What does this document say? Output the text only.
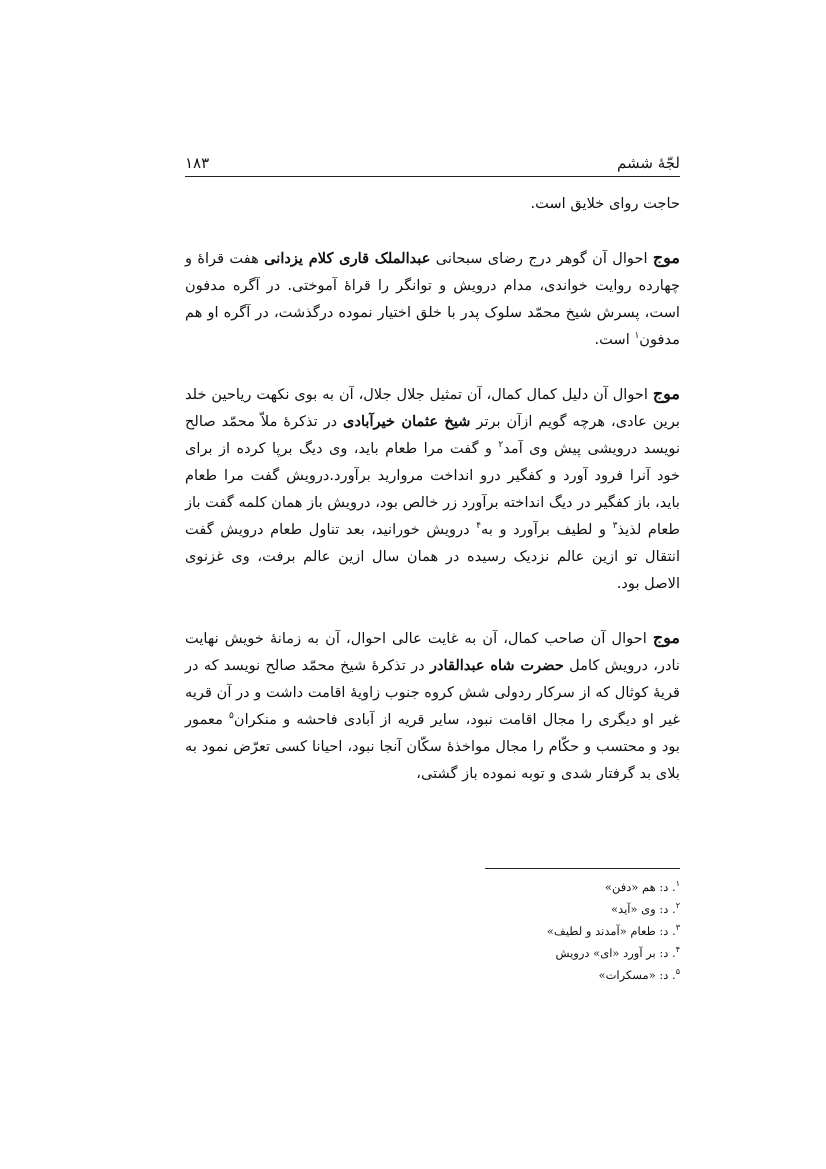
۱۸۳	لجّهٔ ششم

حاجت روای خلایق است.

موج احوال آن گوهر درج رضای سبحانی عبدالملک قاری کلام یزدانی هفت قراۀ و چهارده روایت خواندی، مدام درویش و توانگر را قراۀ آموختی. در آگره مدفون است، پسرش شیخ محمّد سلوک پدر با خلق اختیار نموده درگذشت، در آگره او هم مدفون$^۱$ است.

موج احوال آن دلیل کمال کمال، آن تمثیل جلال جلال، آن به بوی نکهت ریاحین خلد برین عادی، هرچه گویم ازآن برتر شیخ عثمان خیرآبادی در تذکرۀ ملاّ محمّد صالح نویسد درویشی پیش وی آمد$^۲$ و گفت مرا طعام باید، وی دیگ برپا کرده از برای خود آنرا فرود آورد و کفگیر درو انداخت مروارید برآورد.درویش گفت مرا طعام باید، باز کفگیر در دیگ انداخته برآورد زر خالص بود، درویش باز همان کلمه گفت باز طعام لذیذ$^۳$ و لطیف برآورد و به$^۴$ درویش خورانید، بعد تناول طعام درویش گفت انتقال تو ازین عالم نزدیک رسیده در همان سال ازین عالم برفت، وی غزنوی الاصل بود.

موج احوال آن صاحب کمال، آن به غایت عالی احوال، آن به زمانۀ خویش نهایت نادر، درویش کامل حضرت شاه عبدالقادر در تذکرۀ شیخ محمّد صالح نویسد که در قریۀ کوثال که از سرکار ردولی شش کروه جنوب زاویۀ اقامت داشت و در آن قریه غیر او دیگری را مجال اقامت نبود، سایر قریه از آبادی فاحشه و منکران$^۵$ معمور بود و محتسب و حکّام را مجال مواخذۀ سکّان آنجا نبود، احیانا کسی تعرّض نمود به بلای بد گرفتار شدی و توبه نموده باز گشتی،

$^۱$. د: هم «دفن»
$^۲$. د: وی «آید»
$^۳$. د: طعام «آمدند و لطیف»
$^۴$. د: بر آورد «ای» درویش
$^۵$. د: «مسکرات»
